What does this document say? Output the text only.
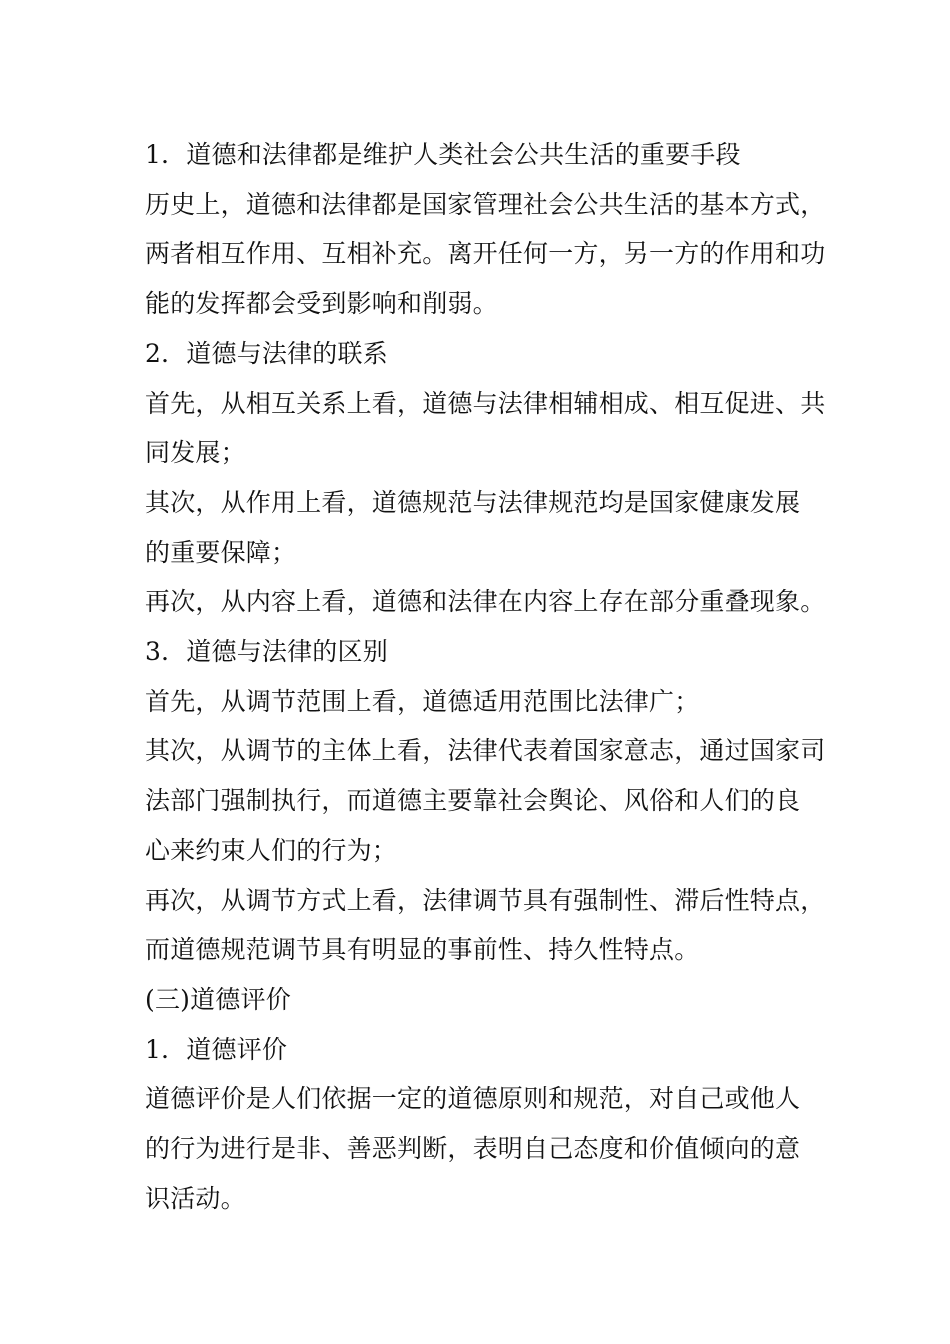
1．道德和法律都是维护人类社会公共生活的重要手段
历史上，道德和法律都是国家管理社会公共生活的基本方式，
两者相互作用、互相补充。离开任何一方，另一方的作用和功
能的发挥都会受到影响和削弱。
2．道德与法律的联系
首先，从相互关系上看，道德与法律相辅相成、相互促进、共
同发展；
其次，从作用上看，道德规范与法律规范均是国家健康发展
的重要保障；
再次，从内容上看，道德和法律在内容上存在部分重叠现象。
3．道德与法律的区别
首先，从调节范围上看，道德适用范围比法律广；
其次，从调节的主体上看，法律代表着国家意志，通过国家司
法部门强制执行，而道德主要靠社会舆论、风俗和人们的良
心来约束人们的行为；
再次，从调节方式上看，法律调节具有强制性、滞后性特点，
而道德规范调节具有明显的事前性、持久性特点。
(三)道德评价
1．道德评价
道德评价是人们依据一定的道德原则和规范，对自己或他人
的行为进行是非、善恶判断，表明自己态度和价值倾向的意
识活动。
